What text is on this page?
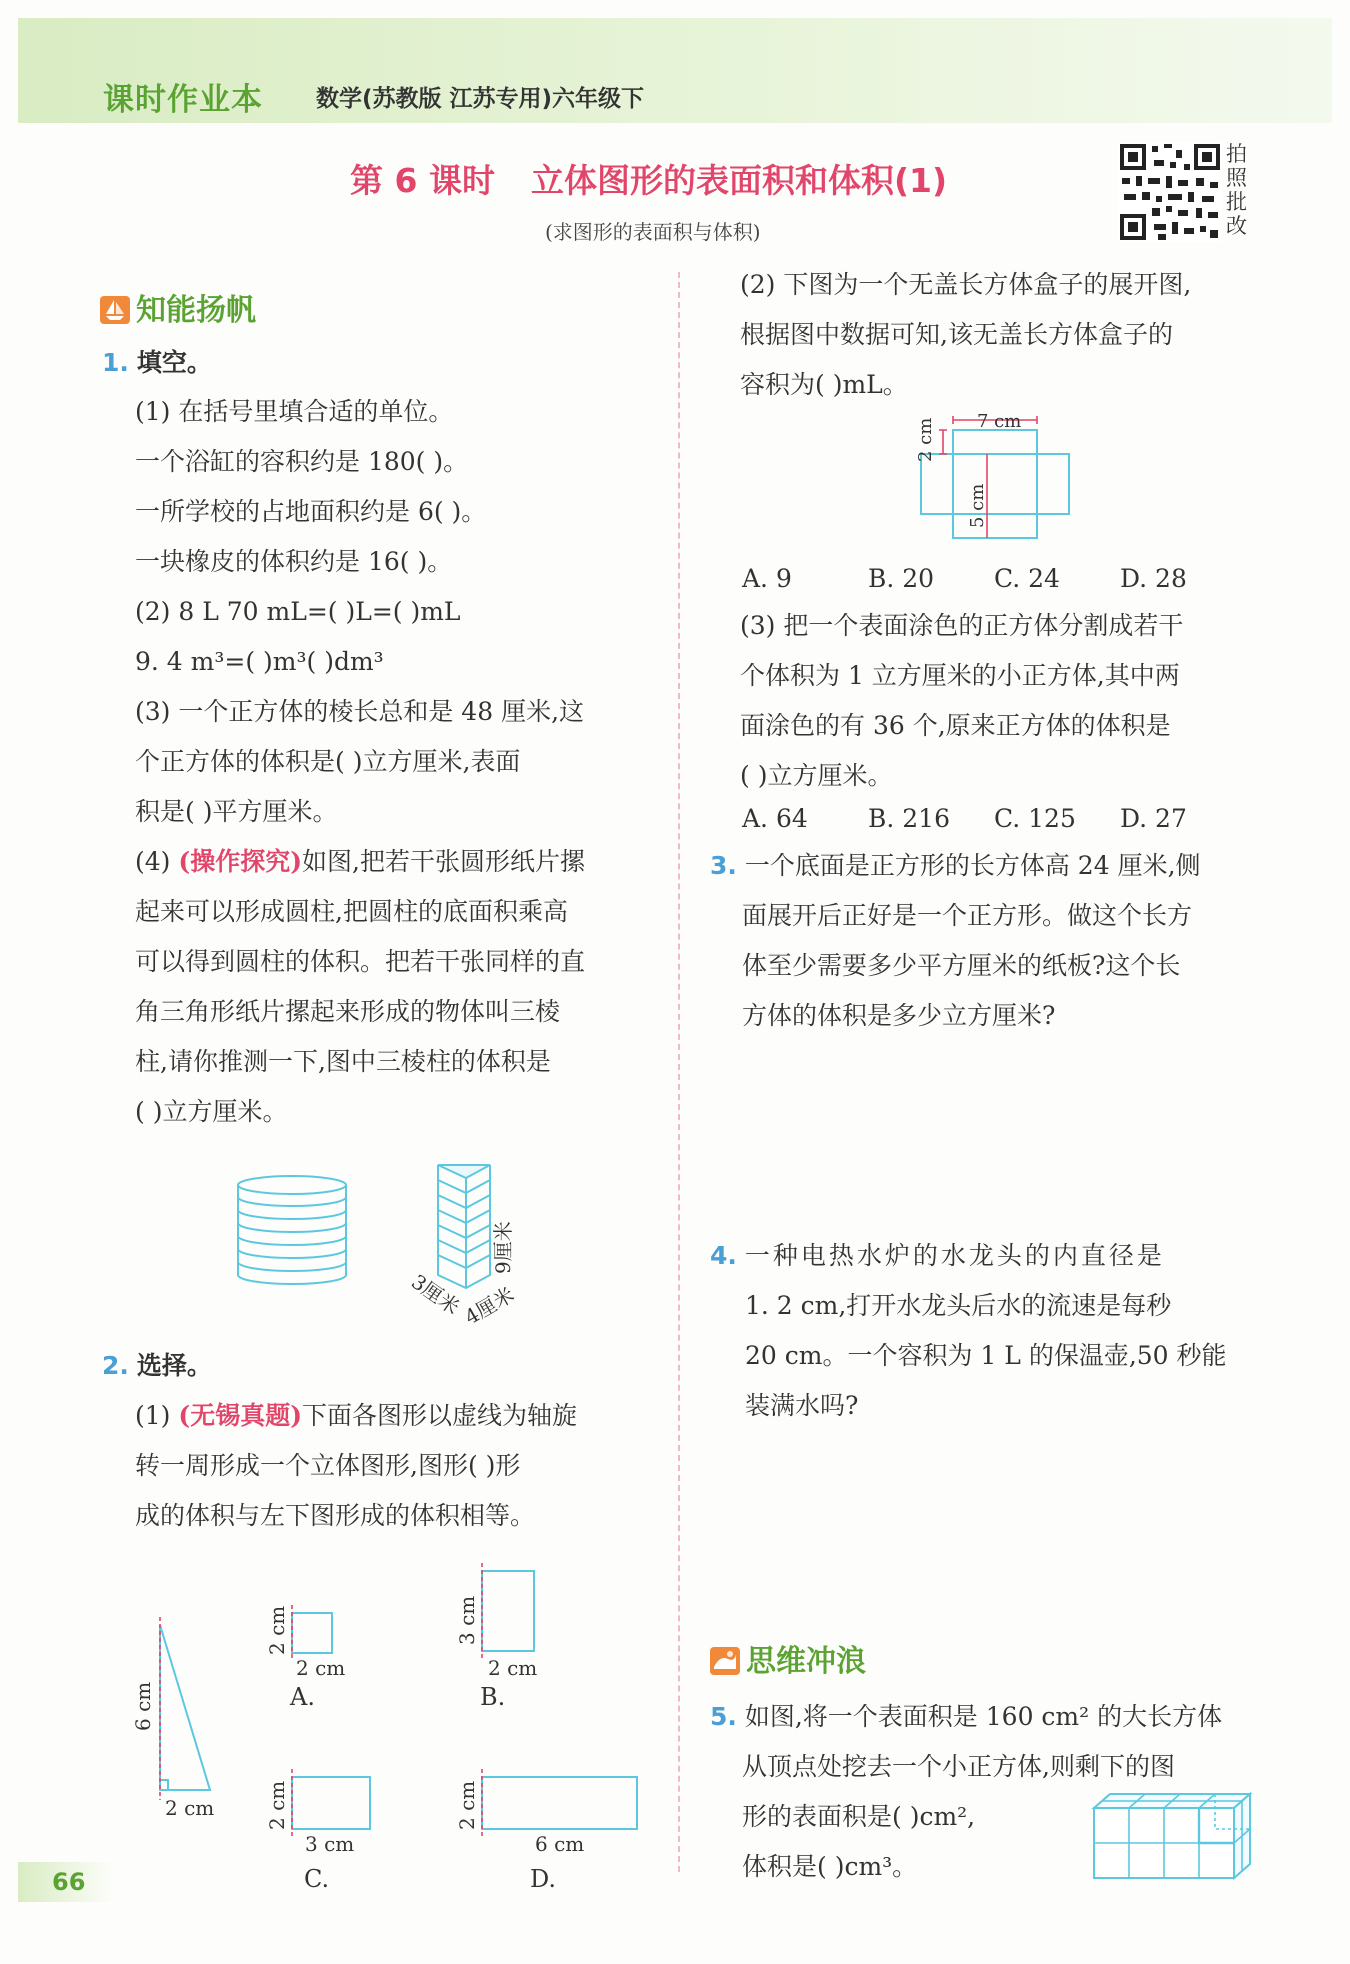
课时作业本 数学(苏教版 江苏专用)六年级下
第 6 课时 立体图形的表面积和体积(1)
(求图形的表面积与体积)
拍照批改
知能扬帆
1. 填空。
(1) 在括号里填合适的单位。
一个浴缸的容积约是 180( )。
一所学校的占地面积约是 6( )。
一块橡皮的体积约是 16( )。
(2) 8 L 70 mL=( )L=( )mL
9. 4 m³=( )m³( )dm³
(3) 一个正方体的棱长总和是 48 厘米,这
个正方体的体积是( )立方厘米,表面
积是( )平方厘米。
(4) (操作探究)如图,把若干张圆形纸片摞
起来可以形成圆柱,把圆柱的底面积乘高
可以得到圆柱的体积。把若干张同样的直
角三角形纸片摞起来形成的物体叫三棱
柱,请你推测一下,图中三棱柱的体积是
( )立方厘米。
9厘米
3厘米
4厘米
2. 选择。
(1) (无锡真题)下面各图形以虚线为轴旋
转一周形成一个立体图形,图形( )形
成的体积与左下图形成的体积相等。
6 cm
2 cm
2 cm
2 cm
3 cm
2 cm
2 cm
3 cm
2 cm
6 cm
A.	B.
C.	D.
(2) 下图为一个无盖长方体盒子的展开图,
根据图中数据可知,该无盖长方体盒子的
容积为( )mL。
7 cm
2 cm
5 cm
A. 9	B. 20 C. 24 D. 28
(3) 把一个表面涂色的正方体分割成若干
个体积为 1 立方厘米的小正方体,其中两
面涂色的有 36 个,原来正方体的体积是
( )立方厘米。
A. 64 B. 216 C. 125 D. 27
3. 一个底面是正方形的长方体高 24 厘米,侧
面展开后正好是一个正方形。做这个长方
体至少需要多少平方厘米的纸板?这个长
方体的体积是多少立方厘米?
4. 一种电热水炉的水龙头的内直径是
1. 2 cm,打开水龙头后水的流速是每秒
20 cm。一个容积为 1 L 的保温壶,50 秒能
装满水吗?
思维冲浪
5. 如图,将一个表面积是 160 cm² 的大长方体
从顶点处挖去一个小正方体,则剩下的图
形的表面积是( )cm²,
体积是( )cm³。
66
